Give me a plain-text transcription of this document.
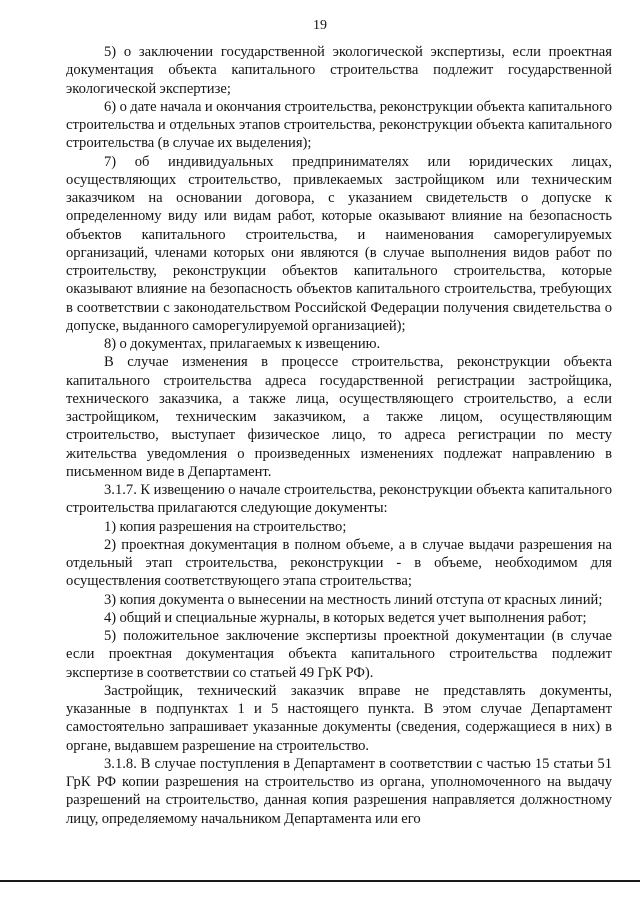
19

5) о заключении государственной экологической экспертизы, если проектная документация объекта капитального строительства подлежит государственной экологической экспертизе;

6) о дате начала и окончания строительства, реконструкции объекта капитального строительства и отдельных этапов строительства, реконструкции объекта капитального строительства (в случае их выделения);

7) об индивидуальных предпринимателях или юридических лицах, осуществляющих строительство, привлекаемых застройщиком или техническим заказчиком на основании договора, с указанием свидетельств о допуске к определенному виду или видам работ, которые оказывают влияние на безопасность объектов капитального строительства, и наименования саморегулируемых организаций, членами которых они являются (в случае выполнения видов работ по строительству, реконструкции объектов капитального строительства, которые оказывают влияние на безопасность объектов капитального строительства, требующих в соответствии с законодательством Российской Федерации получения свидетельства о допуске, выданного саморегулируемой организацией);

8) о документах, прилагаемых к извещению.

В случае изменения в процессе строительства, реконструкции объекта капитального строительства адреса государственной регистрации застройщика, технического заказчика, а также лица, осуществляющего строительство, а если застройщиком, техническим заказчиком, а также лицом, осуществляющим строительство, выступает физическое лицо, то адреса регистрации по месту жительства уведомления о произведенных изменениях подлежат направлению в письменном виде в Департамент.

3.1.7. К извещению о начале строительства, реконструкции объекта капитального строительства прилагаются следующие документы:

1) копия разрешения на строительство;

2) проектная документация в полном объеме, а в случае выдачи разрешения на отдельный этап строительства, реконструкции - в объеме, необходимом для осуществления соответствующего этапа строительства;

3) копия документа о вынесении на местность линий отступа от красных линий;

4) общий и специальные журналы, в которых ведется учет выполнения работ;

5) положительное заключение экспертизы проектной документации (в случае если проектная документация объекта капитального строительства подлежит экспертизе в соответствии со статьей 49 ГрК РФ).

Застройщик, технический заказчик вправе не представлять документы, указанные в подпунктах 1 и 5 настоящего пункта. В этом случае Департамент самостоятельно запрашивает указанные документы (сведения, содержащиеся в них) в органе, выдавшем разрешение на строительство.

3.1.8. В случае поступления в Департамент в соответствии с частью 15 статьи 51 ГрК РФ копии разрешения на строительство из органа, уполномоченного на выдачу разрешений на строительство, данная копия разрешения направляется должностному лицу, определяемому начальником Департамента или его
